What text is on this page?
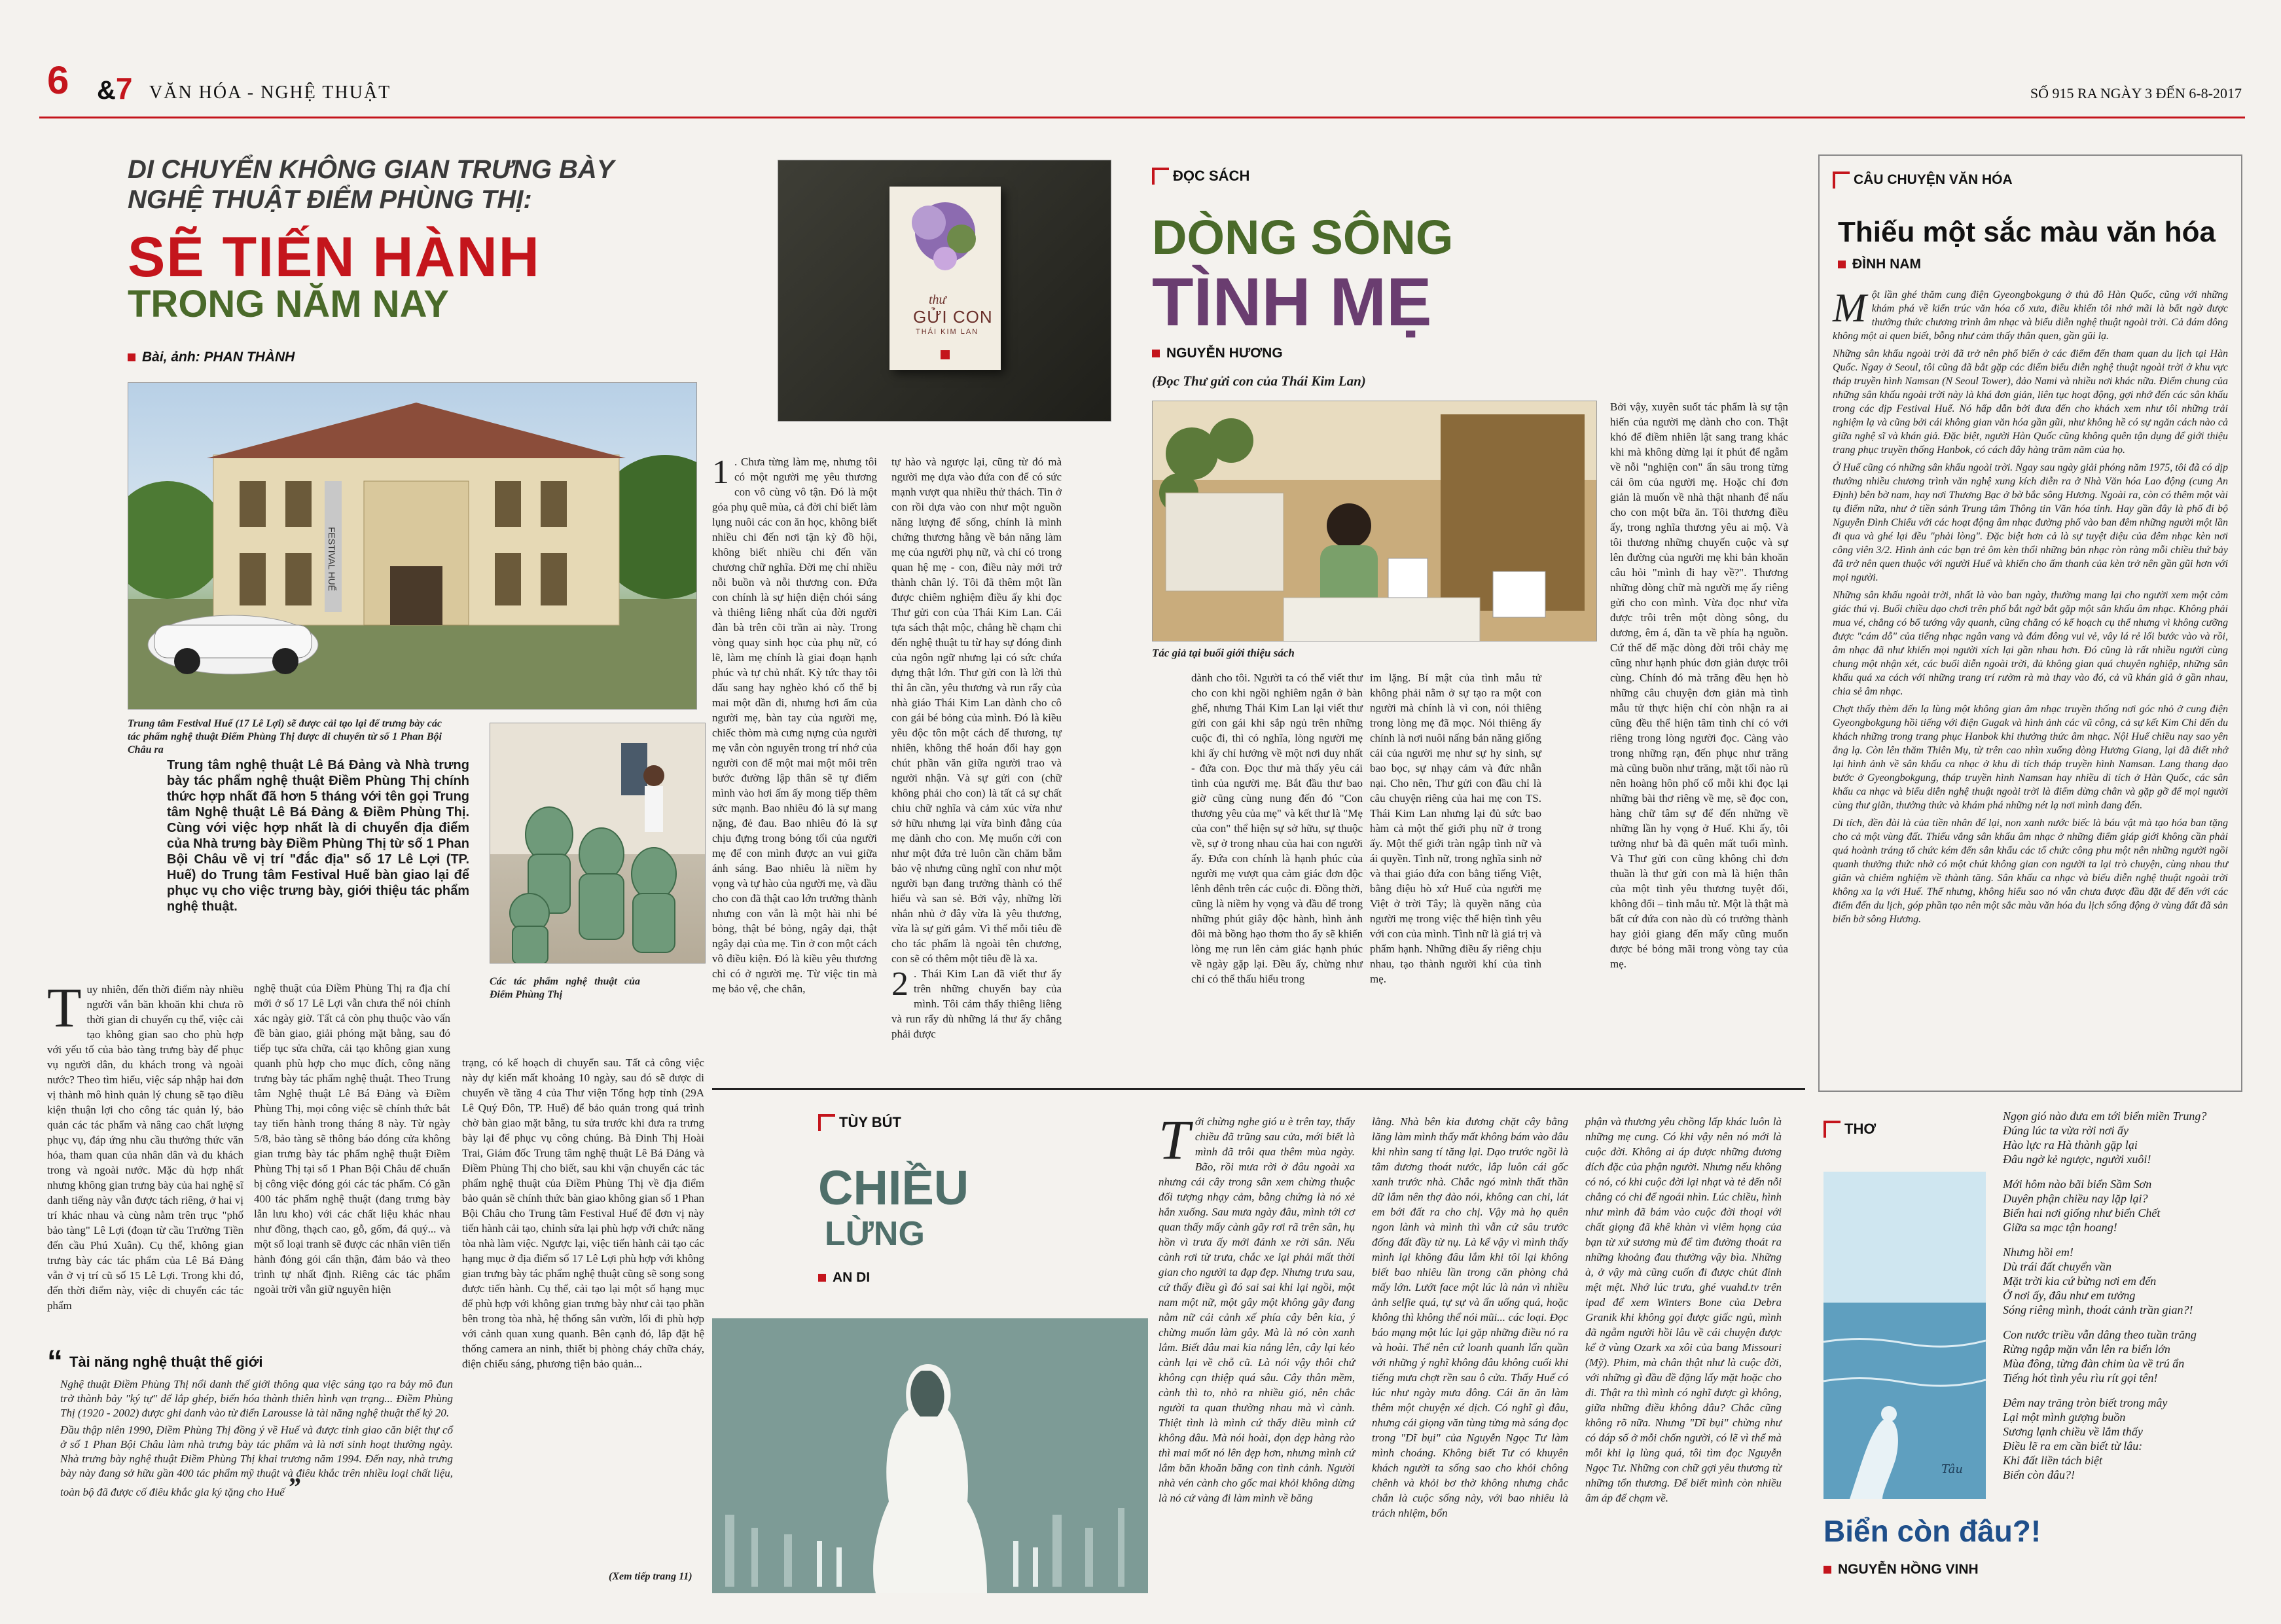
6 &7 VĂN HÓA - NGHỆ THUẬT	SỐ 915 RA NGÀY 3 ĐẾN 6-8-2017
DI CHUYỂN KHÔNG GIAN TRƯNG BÀY
NGHỆ THUẬT ĐIỂM PHÙNG THỊ:
SẼ TIẾN HÀNH
TRONG NĂM NAY
Bài, ảnh: PHAN THÀNH
FESTIVAL HUẾ
Trung tâm Festival Huế (17 Lê Lợi) sẽ được cải tạo lại để trưng bày các tác phẩm nghệ thuật Điểm Phùng Thị được di chuyển từ số 1 Phan Bội Châu ra
Các tác phẩm nghệ thuật của Điểm Phùng Thị
Trung tâm nghệ thuật Lê Bá Đảng và Nhà trưng bày tác phẩm nghệ thuật Điềm Phùng Thị chính thức hợp nhất đã hơn 5 tháng với tên gọi Trung tâm Nghệ thuật Lê Bá Đảng & Điềm Phùng Thị. Cùng với việc hợp nhất là di chuyển địa điểm của Nhà trưng bày Điềm Phùng Thị từ số 1 Phan Bội Châu về vị trí "đắc địa" số 17 Lê Lợi (TP. Huế) do Trung tâm Festival Huế bàn giao lại để phục vụ cho việc trưng bày, giới thiệu tác phẩm nghệ thuật.
Tuy nhiên, đến thời điểm này nhiều người vẫn băn khoăn khi chưa rõ thời gian di chuyển cụ thể, việc cải tạo không gian sao cho phù hợp với yếu tố của bảo tàng trưng bày để phục vụ người dân, du khách trong và ngoài nước? Theo tìm hiểu, việc sáp nhập hai đơn vị thành mô hình quản lý chung sẽ tạo điều kiện thuận lợi cho công tác quản lý, bảo quản các tác phẩm và nâng cao chất lượng phục vụ, đáp ứng nhu cầu thưởng thức văn hóa, tham quan của nhân dân và du khách trong và ngoài nước. Mặc dù hợp nhất nhưng không gian trưng bày của hai nghệ sĩ danh tiếng này vẫn được tách riêng, ở hai vị trí khác nhau và cùng nằm trên trục "phố bảo tàng" Lê Lợi (đoạn từ cầu Trường Tiền đến cầu Phú Xuân). Cụ thể, không gian trưng bày các tác phẩm của Lê Bá Đảng vẫn ở vị trí cũ số 15 Lê Lợi. Trong khi đó, đến thời điểm này, việc di chuyển các tác phẩm
nghệ thuật của Điềm Phùng Thị ra địa chỉ mới ở số 17 Lê Lợi vẫn chưa thể nói chính xác ngày giờ. Tất cả còn phụ thuộc vào vấn đề bàn giao, giải phóng mặt bằng, sau đó tiếp tục sửa chữa, cải tạo không gian xung quanh phù hợp cho mục đích, công năng trưng bày tác phẩm nghệ thuật. Theo Trung tâm Nghệ thuật Lê Bá Đảng và Điềm Phùng Thị, mọi công việc sẽ chính thức bắt tay tiến hành trong tháng 8 này. Từ ngày 5/8, bảo tàng sẽ thông báo đóng cửa không gian trưng bày tác phẩm nghệ thuật Điềm Phùng Thị tại số 1 Phan Bội Châu để chuẩn bị công việc đóng gói các tác phẩm. Có gần 400 tác phẩm nghệ thuật (đang trưng bày lẫn lưu kho) với các chất liệu khác nhau như đồng, thạch cao, gỗ, gốm, đá quý... và một số loại tranh sẽ được các nhân viên tiến hành đóng gói cẩn thận, đảm bảo và theo trình tự nhất định. Riêng các tác phẩm ngoài trời vẫn giữ nguyên hiện
trạng, có kế hoạch di chuyển sau. Tất cả công việc này dự kiến mất khoảng 10 ngày, sau đó sẽ được di chuyển về tầng 4 của Thư viện Tổng hợp tỉnh (29A Lê Quý Đôn, TP. Huế) để bảo quản trong quá trình chờ bàn giao mặt bằng, tu sửa trước khi đưa ra trưng bày lại để phục vụ công chúng. Bà Đinh Thị Hoài Trai, Giám đốc Trung tâm nghệ thuật Lê Bá Đảng và Điềm Phùng Thị cho biết, sau khi vận chuyển các tác phẩm nghệ thuật của Điềm Phùng Thị về địa điểm bảo quản sẽ chính thức bàn giao không gian số 1 Phan Bội Châu cho Trung tâm Festival Huế để đơn vị này tiến hành cải tạo, chỉnh sửa lại phù hợp với chức năng tòa nhà làm việc. Ngược lại, việc tiến hành cải tạo các hạng mục ở địa điểm số 17 Lê Lợi phù hợp với không gian trưng bày tác phẩm nghệ thuật cũng sẽ song song được tiến hành. Cụ thể, cải tạo lại một số hạng mục để phù hợp với không gian trưng bày như cải tạo phần bên trong tòa nhà, hệ thống sân vườn, lối đi phù hợp với cảnh quan xung quanh. Bên cạnh đó, lắp đặt hệ thống camera an ninh, thiết bị phòng cháy chữa cháy, điện chiếu sáng, phương tiện bảo quản...
“ Tài năng nghệ thuật thế giới
Nghệ thuật Điềm Phùng Thị nổi danh thế giới thông qua việc sáng tạo ra bảy mô đun trở thành bảy "ký tự" để lắp ghép, biến hóa thành thiên hình vạn trạng... Điềm Phùng Thị (1920 - 2002) được ghi danh vào từ điển Larousse là tài năng nghệ thuật thế kỷ 20.
Đầu thập niên 1990, Điềm Phùng Thị đồng ý về Huế và được tỉnh giao căn biệt thự cổ ở số 1 Phan Bội Châu làm nhà trưng bày tác phẩm và là nơi sinh hoạt thường ngày. Nhà trưng bày nghệ thuật Điềm Phùng Thị khai trương năm 1994. Đến nay, nhà trưng bày này đang sở hữu gần 400 tác phẩm mỹ thuật và điêu khắc trên nhiều loại chất liệu, toàn bộ đã được cố điêu khắc gia ký tặng cho Huế ”
(Xem tiếp trang 11)
thư
GỬI CON
THÁI KIM LAN
ĐỌC SÁCH
DÒNG SÔNG
TÌNH MẸ
NGUYỄN HƯƠNG
(Đọc Thư gửi con của Thái Kim Lan)
Tác giả tại buổi giới thiệu sách
1 . Chưa từng làm mẹ, nhưng tôi có một người mẹ yêu thương con vô cùng vô tận. Đó là một góa phụ quê mùa, cả đời chỉ biết làm lụng nuôi các con ăn học, không biết nhiều chi đến nơi tận kỳ đồ hội, không biết nhiều chi đến văn chương chữ nghĩa. Đời mẹ chỉ nhiều nỗi buồn và nỗi thương con. Đứa con chính là sự hiện diện chói sáng và thiêng liêng nhất của đời người đàn bà trên cõi trần ai này. Trong vòng quay sinh học của phụ nữ, có lẽ, làm mẹ chính là giai đoạn hạnh phúc và tự chủ nhất. Kỳ tức thay tôi dấu sang hay nghèo khó cố thể bị mai một dần đi, nhưng hơi ấm của người mẹ, bàn tay của người mẹ, chiếc thòm mà cưng nựng của người mẹ vẫn còn nguyên trong trí nhớ của người con để một mai một môi trên bước đường lập thân sẽ tự điểm mình vào hơi ấm ấy mong tiếp thêm sức mạnh. Bao nhiêu đó là sự mang nặng, đẻ đau. Bao nhiêu đó là sự chịu đựng trong bóng tối của người mẹ để con mình được an vui giữa ánh sáng. Bao nhiêu là niềm hy vọng và tự hào của người mẹ, và dầu cho con đã thật cao lớn trưởng thành nhưng con vẫn là một hài nhi bé bỏng, thật bé bỏng, ngây dại, thật ngây dại của mẹ. Tin ở con một cách vô điều kiện. Đó là kiều yêu thương chỉ có ở người mẹ. Từ việc tin mà mẹ bảo vệ, che chắn,
tự hào và ngược lại, cũng từ đó mà người mẹ dựa vào đứa con để có sức mạnh vượt qua nhiều thử thách. Tin ở con rồi dựa vào con như một nguồn năng lượng để sống, chính là mình chứng thương hằng về bản năng làm mẹ của người phụ nữ, và chỉ có trong quan hệ mẹ - con, điều này mới trở thành chân lý. Tôi đã thêm một lần được chiêm nghiệm điều ấy khi đọc Thư gửi con của Thái Kim Lan. Cái tựa sách thật mộc, chẳng hề chạm chi đến nghệ thuật tu từ hay sự đóng đinh của ngôn ngữ nhưng lại có sức chứa đựng thật lớn. Thư gửi con là lời thủ thỉ ân cần, yêu thương và run rẩy của nhà giáo Thái Kim Lan dành cho cô con gái bé bỏng của mình. Đó là kiều yêu độc tôn một cách để thương, tự nhiên, không thể hoán đổi hay gọn chút phần văn giữa người trao và người nhận. Và sự gửi con (chữ không phải cho con) là tất cả sự chất chiu chữ nghĩa và cảm xúc vừa như sở hữu nhưng lại vừa bình đẳng của mẹ dành cho con. Mẹ muốn cởi con như một đứa trẻ luôn cần chăm bẵm bảo vệ nhưng cũng nghĩ con như một người bạn đang trưởng thành có thể hiểu và san sẻ. Bởi vậy, những lời nhắn nhủ ở đây vừa là yêu thương, vừa là sự gửi gắm. Vì thế mỗi tiêu đề cho tác phẩm là ngoài tên chương, con sẽ có thêm một tiêu đề là xa.

2 . Thái Kim Lan đã viết thư ấy trên những chuyến bay của mình. Tôi cảm thấy thiêng liêng và run rẩy dù những lá thư ấy chẳng phải được
dành cho tôi. Người ta có thể viết thư cho con khi ngồi nghiêm ngắn ở bàn ghế, nhưng Thái Kim Lan lại viết thư gửi con gái khi sắp ngủ trên những cuộc đi, thì có nghĩa, lòng người mẹ khi ấy chỉ hướng về một nơi duy nhất - đứa con. Đọc thư mà thấy yêu cái tình của người mẹ. Bắt đầu thư bao giờ cũng cùng nung đến đó "Con thương yêu của mẹ" và kết thư là "Mẹ của con" thể hiện sự sở hữu, sự thuộc về, sự ở trong nhau của hai con người ấy. Đứa con chính là hạnh phúc của người mẹ vượt qua cảm giác đơn độc lênh đênh trên các cuộc đi. Đồng thời, cũng là niềm hy vọng và đầu để trong những phút giây độc hành, hình ảnh đôi mà bồng hạo thơm tho ấy sẽ khiến lòng mẹ run lên cảm giác hạnh phúc về ngày gặp lại. Đều ấy, chừng như chỉ có thể thấu hiểu trong
im lặng. Bí mật của tình mẫu tử không phải nằm ở sự tạo ra một con người mà chính là vì con, nói thiêng trong lòng mẹ đã mọc. Nói thiêng ấy chính là nơi nuôi nấng bản năng giống cái của người mẹ như sự hy sinh, sự bao bọc, sự nhạy cảm và đức nhẫn nại. Cho nên, Thư gửi con đầu chỉ là câu chuyện riêng của hai mẹ con TS. Thái Kim Lan nhưng lại đủ sức bao hàm cả một thế giới phụ nữ ở trong ấy. Một thế giới tràn ngập tình nữ và ái quyền. Tình nữ, trong nghĩa sinh nở và thai giáo đứa con bằng tiếng Việt, bằng điệu hò xứ Huế của người mẹ Việt ở trời Tây; là quyền năng của người mẹ trong việc thể hiện tình yêu với con của mình. Tình nữ là giá trị và phẩm hạnh. Những điều ấy riêng chịu nhau, tạo thành người khí của tình mẹ.
Bởi vậy, xuyên suốt tác phẩm là sự tận hiến của người mẹ dành cho con. Thật khó để điềm nhiên lật sang trang khác khi mà không dừng lại ít phút để ngẫm về nỗi "nghiện con" ẩn sâu trong từng cái ôm của người mẹ. Hoặc chỉ đơn giản là muốn về nhà thật nhanh để nấu cho con một bữa ăn. Tôi thương điều ấy, trong nghĩa thương yêu ai mộ. Và tôi thương những chuyến cuộc và sự lên đường của người mẹ khi bản khoăn câu hỏi "mình đi hay về?". Thương những dòng chữ mà người mẹ ấy riêng gửi cho con mình. Vừa đọc như vừa được trôi trên một dòng sông, du dương, êm á, dần ta về phía hạ nguồn. Cứ thế để mặc dòng đời trôi chảy mẹ cũng như hạnh phúc đơn giản được trôi cùng. Chính đó mà trăng đều hẹn hò những câu chuyện đơn giản mà tình mẫu tử thực hiện chỉ còn nhận ra ai cũng đều thể hiện tâm tình chỉ có với riêng trong lòng người đọc. Càng vào trong những rạn, đến phục như trăng mà cũng buồn như trăng, mặt tối nào rũ nên hoàng hôn phố cổ mỗi khi đọc lại những bài thơ riêng về mẹ, sẽ đọc con, hàng chữ tâm sự để đến những về những lần hy vọng ở Huế. Khi ấy, tôi tưởng như bà đã quên mất tuổi mình. Và Thư gửi con cũng không chỉ đơn thuần là thư gửi con mà là hiện thân của một tình yêu thương tuyệt đối, không đổi – tình mẫu tử. Một là thật mà bất cứ đứa con nào dù có trưởng thành hay giỏi giang đến mấy cũng muốn được bé bỏng mãi trong vòng tay của mẹ.
CÂU CHUYỆN VĂN HÓA
Thiếu một sắc màu văn hóa
ĐÌNH NAM

Một lần ghé thăm cung điện Gyeongbokgung ở thủ đô Hàn Quốc, cũng với những khám phá về kiến trúc văn hóa cổ xưa, điều khiến tôi nhớ mãi là bất ngờ được thưởng thức chương trình âm nhạc và biểu diễn nghệ thuật ngoài trời. Cả đám đông không một ai quen biết, bỗng như cảm thấy thân quen, gần gũi lạ.

Những sân khấu ngoài trời đã trở nên phổ biến ở các điểm đến tham quan du lịch tại Hàn Quốc. Ngay ở Seoul, tôi cũng đã bắt gặp các điểm biểu diễn nghệ thuật ngoài trời ở khu vực tháp truyền hình Namsan (N Seoul Tower), đảo Nami và nhiều nơi khác nữa. Điểm chung của những sân khấu ngoài trời này là khá đơn giản, liên tục hoạt động, gợi nhớ đến các sân khấu trong các dịp Festival Huế. Nó hấp dẫn bởi đưa đến cho khách xem như tôi những trải nghiệm lạ và cũng bởi cái không gian văn hóa gần gũi, như không hề có sự ngăn cách nào cả giữa nghệ sĩ và khán giả. Đặc biệt, người Hàn Quốc cũng không quên tận dụng để giới thiệu trang phục truyền thống Hanbok, có cách đây hàng trăm năm của họ.

Ở Huế cũng có những sân khấu ngoài trời. Ngay sau ngày giải phóng năm 1975, tôi đã có dịp thưởng nhiều chương trình văn nghệ xung kích diễn ra ở Nhà Văn hóa Lao động (cung An Định) bên bờ nam, hay nơi Thương Bạc ở bờ bắc sông Hương. Ngoài ra, còn có thêm một vài tụ điểm nữa, như ở tiền sảnh Trung tâm Thông tin Văn hóa tỉnh. Hay gần đây là phố đi bộ Nguyễn Đình Chiểu với các hoạt động âm nhạc đường phố vào ban đêm những người một lần đi qua và ghé lại đều "phải lòng". Đặc biệt hơn cả là sự tuyệt diệu của đêm nhạc kèn nơi công viên 3/2. Hình ảnh các bạn trẻ ôm kèn thổi những bản nhạc ròn ràng mỗi chiều thứ bảy đã trở nên quen thuộc với người Huế và khiến cho ấm thanh của kèn trở nên gần gũi hơn với mọi người.

Những sân khấu ngoài trời, nhất là vào ban ngày, thường mang lại cho người xem một cảm giác thú vị. Buổi chiều dạo chơi trên phố bắt ngờ bắt gặp một sân khấu âm nhạc. Không phải mua vé, chẳng có bố tướng vây quanh, cũng chẳng có kế hoạch cụ thể nhưng vì không cưỡng được "cám dỗ" của tiếng nhạc ngân vang và đám đông vui vẻ, vây lá rẻ lối bước vào và rồi, âm nhạc đã như khiến mọi người xích lại gần nhau hơn. Đó cũng là rất nhiều người cùng chung một nhận xét, các buổi diễn ngoài trời, đủ không gian quá chuyên nghiệp, những sân khấu quá xa cách với những trang trí rườm rà mà thay vào đó, cả vũ khán giả ở gần nhau, chia sẻ âm nhạc.

Chợt thấy thèm đến lạ lùng một không gian âm nhạc truyền thống nơi góc nhỏ ở cung điện Gyeongbokgung hồi tiếng với điện Gugak và hình ảnh các vũ công, cả sự kết Kim Chi đến du khách những trong trang phục Hanbok khi thưởng thức âm nhạc. Nội Huế chiều nay sao yên ắng lạ. Còn lên thăm Thiên Mụ, từ trên cao nhìn xuống dòng Hương Giang, lại đã diết nhớ lại hình ảnh về sân khấu ca nhạc ở khu di tích tháp truyền hình Namsan. Lang thang dạo bước ở Gyeongbokgung, tháp truyền hình Namsan hay nhiều di tích ở Hàn Quốc, các sân khấu ca nhạc và biểu diễn nghệ thuật ngoài trời là điểm dừng chân và gặp gỡ để mọi người cùng thư giãn, thưởng thức và khám phá những nét lạ nơi mình đang đến.

Di tích, đền đài là của tiền nhân để lại, non xanh nước biếc là báu vật mà tạo hóa ban tặng cho cả một vùng đất. Thiếu vắng sân khấu âm nhạc ở những điểm giáp giới không cần phải quá hoành tráng tổ chức kém đến sân khấu các tổ chức công phu một nên những người ngồi quanh thưởng thức nhờ có một chút không gian con người ta lại trò chuyện, cùng nhau thư giãn và chiêm nghiệm về thành tăng. Sân khấu ca nhạc và biểu diễn nghệ thuật ngoài trời không xa lạ với Huế. Thế nhưng, không hiểu sao nó vẫn chưa được đầu đặt để đến với các điểm đến du lịch, góp phần tạo nên một sắc màu văn hóa du lịch sống động ở vùng đất đã sản biến bờ sông Hương.

TÙY BÚT
CHIỀU
LỪNG
AN DI
Tới chừng nghe gió u è trên tay, thấy chiều đã trũng sau cửa, mới biết là mình đã trôi qua thêm mùa ngày. Bão, rồi mưa rời ở đâu ngoài xa nhưng cái cây trong sân xem chừng thuộc đối tượng nhạy cảm, bằng chứng là nó xẻ hắn xuống. Sau mưa ngày đâu, mình tới cơ quan thấy mấy cành gãy rơi rã trên sân, hụ hồn vì trưa ấy mới đánh xe rời sân. Nếu cành rơi từ trưa, chắc xe lại phải mất thời gian cho người ta đạp đẹp. Nhưng trưa sau, cứ thấy điều gì đó sai sai khi lại ngồi, một nam một nữ, một gây một không gãy đang nằm nữ cái cảnh xế phía cây bên kia, ý chừng muốn làm gây. Mà là nó còn xanh lắm. Biết đâu mai kia nắng lên, cây lại kéo cành lại về chỗ cũ. Là nói vậy thôi chứ không cạn thiệp quá sâu. Cây thân mềm, cành thì to, nhỏ ra nhiều gió, nên chắc người ta quan thường nhau mà vì cành. Thiệt tình là mình cứ thấy điều mình cứ không đâu. Mà nói hoài, dọn dẹp hàng rào thì mai mốt nó lên đẹp hơn, nhưng mình cứ lắm băn khoăn băng con tình cảnh. Người nhà vén cành cho gốc mai khỏi không dừng là nó cứ vàng đi làm mình về băng
lằng. Nhà bên kia đương chặt cây bằng lăng làm mình thấy mất không bám vào đâu khi nhìn sang tí tăng lại. Dạo trước ngồi là tâm đương thoát nước, lắp luôn cái gốc xanh trước nhà. Chắc ngó mình thất thần dữ lắm nên thợ đào nói, không can chi, lát em bới đất ra cho chị. Vậy mà họ quên ngon lành và mình thì vẫn cứ sâu trước đống đất đầy từ nụ. Là kể vậy vì mình thấy mình lại không đâu lắm khi tôi lại không biết bao nhiêu lần trong căn phòng chả mấy lớn. Lướt face một lúc là nản vì nhiều ảnh selfie quá, tự sự và ẩn uống quá, hoặc không thì không thể nói mũi... các loại. Đọc báo mạng một lúc lại gặp những điều nó ra và hoài. Thể nên cứ loanh quanh lẩn quần với những ý nghĩ không đâu không cuối khi tiếng mưa chợt rền sau ô cửa. Thấy Huế có lúc như ngày mưa đông. Cái ăn ăn làm thêm một chuyện xé dịch. Có nghĩ gì đâu, nhưng cái giọng văn tùng tửng mà sáng đọc trong "Dĩ bụi" của Nguyễn Ngọc Tư làm mình choáng. Không biết Tư có khuyên khách người ta sống sao cho khỏi chông chênh và khỏi bơ thờ không nhưng chắc chắn là cuộc sống này, với bao nhiêu là trách nhiệm, bổn
phận và thương yêu chồng lấp khác luôn là những mẹ cung. Có khi vậy nên nó mới là cuộc đời. Không ai áp được những đương đích đặc của phận người. Nhưng nếu không có nó, có khi cuộc đời lại nhạt và tẻ đến nỗi chẳng có chi để ngoái nhìn. Lúc chiều, hình như mình đã bám vào cuộc đời thoại với chất giọng đã khê khàn vì viêm họng của bạn từ xứ sương mù để tìm đường thoát ra những khoảng đau thường vậy bìa. Những à, ở vậy mà cũng cuốn đi được chút đỉnh mệt mệt. Nhớ lúc trưa, ghé vuahd.tv trên ipad để xem Winters Bone của Debra Granik khi không gọi được giấc ngủ, mình đã ngẫm người hồi lâu về cái chuyện được kể ở vùng Ozark xa xôi của bang Missouri (Mỹ). Phim, mà chân thật như là cuộc đời, với những gì đầu đề đặng lấy mặt hoặc cho đi. Thật ra thì mình có nghĩ được gì không, giữa những điều không đâu? Chắc cũng không rõ nữa. Nhưng "Dĩ bụi" chừng như có đáp số ở mỗi chốn người, có lẽ vì thể mà mỗi khi lạ lùng quá, tôi tìm đọc Nguyễn Ngọc Tư. Những con chữ gợi yêu thương từ những tổn thương. Để biết mình còn nhiều âm áp để chạm về.
THƠ
Tâu
Ngọn gió nào đưa em tới biển miền Trung?
Đúng lúc ta vừa rời nơi ấy
Hào lực ra Hà thành gặp lại
Đâu ngờ kẻ ngược, người xuôi!
Mới hôm nào bãi biển Sầm Sơn
Duyên phận chiều nay lặp lại?
Biển hai nơi giống như biển Chết
Giữa sa mạc tận hoang!
Nhưng hồi em!
Dù trái đất chuyển vần
Mặt trời kia cứ bừng nơi em đến
Ở nơi ấy, đâu như em tưởng
Sóng riêng mình, thoát cảnh trần gian?!
Con nước triều vẫn dâng theo tuần trăng
Rừng ngập mặn vẫn lên ra biển lớn
Mùa đông, từng đàn chim ùa về trú ẩn
Tiếng hót tình yêu rìu rít gọi tên!
Đêm nay trăng tròn biết trong mây
Lại một mình gượng buồn
Sương lạnh chiều về lắm thấy
Điều lẽ ra em cần biết từ lâu:
Khi đất liền tách biệt
Biển còn đâu?!
Biển còn đâu?!
NGUYỄN HỒNG VINH
